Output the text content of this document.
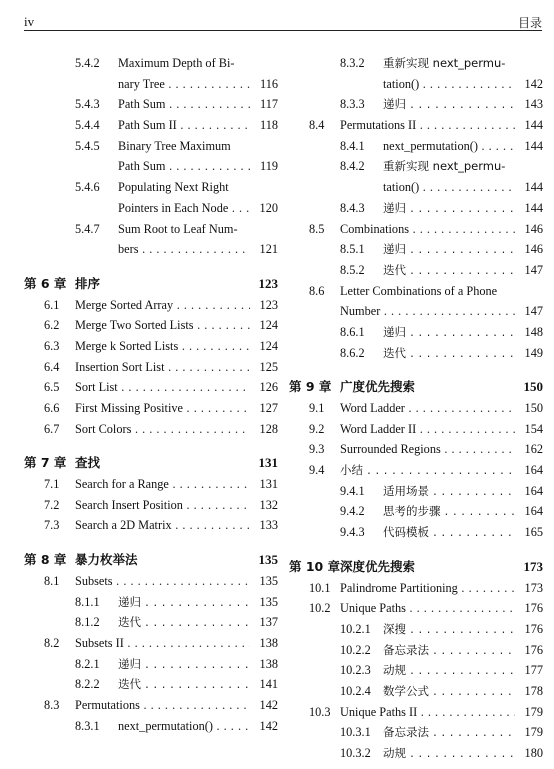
iv	目录
5.4.2 Maximum Depth of Bi-
nary Tree . . .	116
5.4.3 Path Sum . . .	117
5.4.4 Path Sum II . . .	118
5.4.5 Binary Tree Maximum
Path Sum . . .	119
5.4.6 Populating Next Right
Pointers in Each Node . . .	120
5.4.7 Sum Root to Leaf Num-
bers . . .	121
第 6 章 排序	123
6.1 Merge Sorted Array . . .	123
6.2 Merge Two Sorted Lists . . .	124
6.3 Merge k Sorted Lists . . .	124
6.4 Insertion Sort List . . .	125
6.5 Sort List . . .	126
6.6 First Missing Positive . . .	127
6.7 Sort Colors . . .	128
第 7 章 查找	131
7.1 Search for a Range . . .	131
7.2 Search Insert Position . . .	132
7.3 Search a 2D Matrix . . .	133
第 8 章 暴力枚举法	135
8.1 Subsets . . .	135
8.1.1 递归 . . .	135
8.1.2 迭代 . . .	137
8.2 Subsets II . . .	138
8.2.1 递归 . . .	138
8.2.2 迭代 . . .	141
8.3 Permutations . . .	142
8.3.1 next_permutation() . . .	142
8.3.2 重新实现 next_permu-
tation() . . .	142
8.3.3 递归 . . .	143
8.4 Permutations II . . .	144
8.4.1 next_permutation() . . .	144
8.4.2 重新实现 next_permu-
tation() . . .	144
8.4.3 递归 . . .	144
8.5 Combinations . . .	146
8.5.1 递归 . . .	146
8.5.2 迭代 . . .	147
8.6 Letter Combinations of a Phone
Number . . .	147
8.6.1 递归 . . .	148
8.6.2 迭代 . . .	149
第 9 章 广度优先搜索	150
9.1 Word Ladder . . .	150
9.2 Word Ladder II . . .	154
9.3 Surrounded Regions . . .	162
9.4 小结 . . .	164
9.4.1 适用场景 . . .	164
9.4.2 思考的步骤 . . .	164
9.4.3 代码模板 . . .	165
第 10 章 深度优先搜索	173
10.1 Palindrome Partitioning . . .	173
10.2 Unique Paths . . .	176
10.2.1 深搜 . . .	176
10.2.2 备忘录法 . . .	176
10.2.3 动规 . . .	177
10.2.4 数学公式 . . .	178
10.3 Unique Paths II . . .	179
10.3.1 备忘录法 . . .	179
10.3.2 动规 . . .	180
